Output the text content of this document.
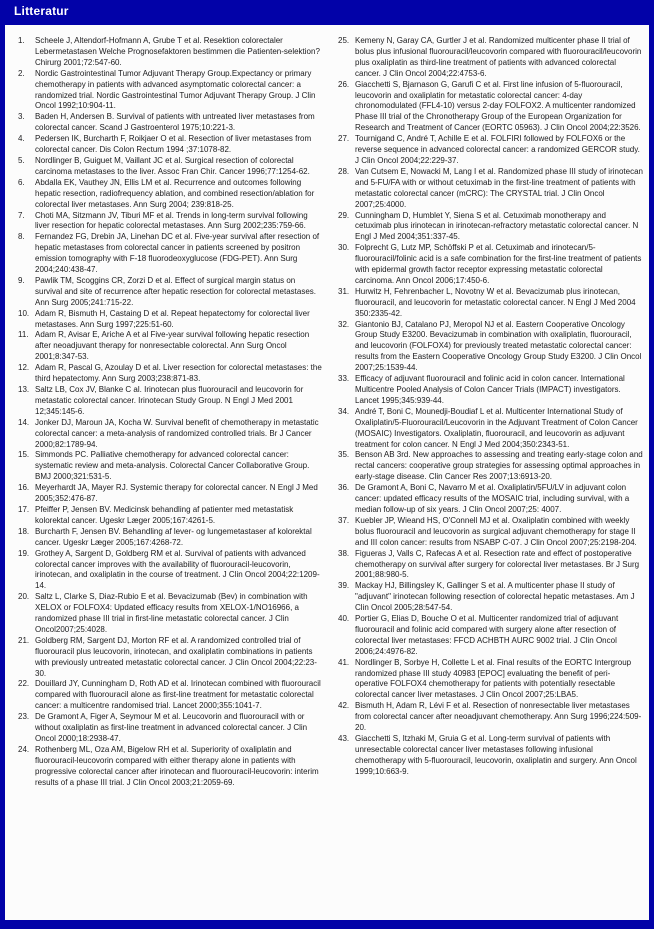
Litteratur
1.	Scheele J, Altendorf-Hofmann A, Grube T et al. Resektion colorectaler Lebermetastasen Welche Prognosefaktoren bestimmen die Patienten-selektion? Chirurg 2001;72:547-60.
2.	Nordic Gastrointestinal Tumor Adjuvant Therapy Group.Expectancy or primary chemotherapy in patients with advanced asymptomatic colorectal cancer: a randomized trial. Nordic Gastrointestinal Tumor Adjuvant Therapy Group. J Clin Oncol 1992;10:904-11.
3.	Baden H, Andersen B. Survival of patients with untreated liver metastases from colorectal cancer. Scand J Gastroenterol 1975;10:221-3.
4.	Pedersen IK, Burcharth F, Roikjaer O et al. Resection of liver metastases from colorectal cancer. Dis Colon Rectum 1994 ;37:1078-82.
5.	Nordlinger B, Guiguet M, Vaillant JC et al. Surgical resection of colorectal carcinoma metastases to the liver. Assoc Fran Chir. Cancer 1996;77:1254-62.
6.	Abdalla EK, Vauthey JN, Ellis LM et al. Recurrence and outcomes following hepatic resection, radiofrequency ablation, and combined resection/ablation for colorectal liver metastases. Ann Surg 2004; 239:818-25.
7.	Choti MA, Sitzmann JV, Tiburi MF et al. Trends in long-term survival following liver resection for hepatic colorectal metastases. Ann Surg 2002;235:759-66.
8.	Fernandez FG, Drebin JA, Linehan DC et al. Five-year survival after resection of hepatic metastases from colorectal cancer in patients screened by positron emission tomography with F-18 fluorodeoxyglucose (FDG-PET). Ann Surg 2004;240:438-47.
9.	Pawlik TM, Scoggins CR, Zorzi D et al. Effect of surgical margin status on survival and site of recurrence after hepatic resection for colorectal metastases. Ann Surg 2005;241:715-22.
10. Adam R, Bismuth H, Castaing D et al. Repeat hepatectomy for colorectal liver metastases. Ann Surg 1997;225:51-60.
11. Adam R, Avisar E, Ariche A et al Five-year survival following hepatic resection after neoadjuvant therapy for nonresectable colorectal. Ann Surg Oncol 2001;8:347-53.
12. Adam R, Pascal G, Azoulay D et al. Liver resection for colorectal metastases: the third hepatectomy. Ann Surg 2003;238:871-83.
13. Saltz LB, Cox JV, Blanke C al. Irinotecan plus fluorouracil and leucovorin for metastatic colorectal cancer. Irinotecan Study Group. N Engl J Med 2001 12;345:145-6.
14. Jonker DJ, Maroun JA, Kocha W. Survival benefit of chemotherapy in metastatic colorectal cancer: a meta-analysis of randomized controlled trials. Br J Cancer 2000;82:1789-94.
15. Simmonds PC. Palliative chemotherapy for advanced colorectal cancer: systematic review and meta-analysis. Colorectal Cancer Collaborative Group. BMJ 2000;321:531-5.
16. Meyerhardt JA, Mayer RJ. Systemic therapy for colorectal cancer. N Engl J Med 2005;352:476-87.
17. Pfeiffer P, Jensen BV. Medicinsk behandling af patienter med metastatisk kolorektal cancer. Ugeskr Læger 2005;167:4261-5.
18. Burcharth F, Jensen BV. Behandling af lever- og lungemetastaser af kolorektal cancer. Ugeskr Læger 2005;167:4268-72.
19. Grothey A, Sargent D, Goldberg RM et al. Survival of patients with advanced colorectal cancer improves with the availability of fluorouracil-leucovorin, irinotecan, and oxaliplatin in the course of treatment. J Clin Oncol 2004;22:1209-14.
20. Saltz L, Clarke S, Diaz-Rubio E et al. Bevacizumab (Bev) in combination with XELOX or FOLFOX4: Updated efficacy results from XELOX-1/NO16966, a randomized phase III trial in first-line metastatic colorectal cancer. J Clin Oncol2007;25:4028.
21. Goldberg RM, Sargent DJ, Morton RF et al. A randomized controlled trial of fluorouracil plus leucovorin, irinotecan, and oxaliplatin combinations in patients with previously untreated metastatic colorectal cancer. J Clin Oncol 2004;22:23-30.
22. Douillard JY, Cunningham D, Roth AD et al. Irinotecan combined with fluorouracil compared with fluorouracil alone as first-line treatment for metastatic colorectal cancer: a multicentre randomised trial. Lancet 2000;355:1041-7.
23. De Gramont A, Figer A, Seymour M et al. Leucovorin and fluorouracil with or without oxaliplatin as first-line treatment in advanced colorectal cancer. J Clin Oncol 2000;18:2938-47.
24. Rothenberg ML, Oza AM, Bigelow RH et al. Superiority of oxaliplatin and fluorouracil-leucovorin compared with either therapy alone in patients with progressive colorectal cancer after irinotecan and fluorouracil-leucovorin: interim results of a phase III trial. J Clin Oncol 2003;21:2059-69.
25. Kemeny N, Garay CA, Gurtler J et al. Randomized multicenter phase II trial of bolus plus infusional fluorouracil/leucovorin compared with fluorouracil/leucovorin plus oxaliplatin as third-line treatment of patients with advanced colorectal cancer. J Clin Oncol 2004;22:4753-6.
26. Giacchetti S, Bjarnason G, Garufi C et al. First line infusion of 5-fluorouracil, leucovorin and oxaliplatin for metastatic colorectal cancer: 4-day chronomodulated (FFL4-10) versus 2-day FOLFOX2. A multicenter randomized Phase III trial of the Chronotherapy Group of the European Organization for Research and Treatment of Cancer (EORTC 05963). J Clin Oncol 2004;22:3526.
27. Tournigand C, André T, Achille E et al. FOLFIRI followed by FOLFOX6 or the reverse sequence in advanced colorectal cancer: a randomized GERCOR study. J Clin Oncol 2004;22:229-37.
28. Van Cutsem E, Nowacki M, Lang I et al. Randomized phase III study of irinotecan and 5-FU/FA with or without cetuximab in the first-line treatment of patients with metastatic colorectal cancer (mCRC): The CRYSTAL trial. J Clin Oncol 2007;25:4000.
29. Cunningham D, Humblet Y, Siena S et al. Cetuximab monotherapy and cetuximab plus irinotecan in irinotecan-refractory metastatic colorectal cancer. N Engl J Med 2004;351:337-45.
30. Folprecht G, Lutz MP, Schöffski P et al. Cetuximab and irinotecan/5-fluorouracil/folinic acid is a safe combination for the first-line treatment of patients with epidermal growth factor receptor expressing metastatic colorectal carcinoma. Ann Oncol 2006;17:450-6.
31. Hurwitz H, Fehrenbacher L, Novotny W et al. Bevacizumab plus irinotecan, fluorouracil, and leucovorin for metastatic colorectal cancer. N Engl J Med 2004 350:2335-42.
32. Giantonio BJ, Catalano PJ, Meropol NJ et al. Eastern Cooperative Oncology Group Study E3200. Bevacizumab in combination with oxaliplatin, fluorouracil, and leucovorin (FOLFOX4) for previously treated metastatic colorectal cancer: results from the Eastern Cooperative Oncology Group Study E3200. J Clin Oncol 2007;25:1539-44.
33. Efficacy of adjuvant fluorouracil and folinic acid in colon cancer. International Multicentre Pooled Analysis of Colon Cancer Trials (IMPACT) investigators. Lancet 1995;345:939-44.
34. André T, Boni C, Mounedji-Boudiaf L et al. Multicenter International Study of Oxaliplatin/5-Fluorouracil/Leucovorin in the Adjuvant Treatment of Colon Cancer (MOSAIC) Investigators. Oxaliplatin, fluorouracil, and leucovorin as adjuvant treatment for colon cancer. N Engl J Med 2004;350:2343-51.
35. Benson AB 3rd. New approaches to assessing and treating early-stage colon and rectal cancers: cooperative group strategies for assessing optimal approaches in early-stage disease. Clin Cancer Res 2007;13:6913-20.
36. De Gramont A, Boni C, Navarro M et al. Oxaliplatin/5FU/LV in adjuvant colon cancer: updated efficacy results of the MOSAIC trial, including survival, with a median follow-up of six years. J Clin Oncol 2007;25: 4007.
37. Kuebler JP, Wieand HS, O'Connell MJ et al. Oxaliplatin combined with weekly bolus fluorouracil and leucovorin as surgical adjuvant chemotherapy for stage II and III colon cancer: results from NSABP C-07. J Clin Oncol 2007;25:2198-204.
38. Figueras J, Valls C, Rafecas A et al. Resection rate and effect of postoperative chemotherapy on survival after surgery for colorectal liver metastases. Br J Surg 2001;88:980-5.
39. Mackay HJ, Billingsley K, Gallinger S et al. A multicenter phase II study of "adjuvant" irinotecan following resection of colorectal hepatic metastases. Am J Clin Oncol 2005;28:547-54.
40. Portier G, Elias D, Bouche O et al. Multicenter randomized trial of adjuvant fluorouracil and folinic acid compared with surgery alone after resection of colorectal liver metastases: FFCD ACHBTH AURC 9002 trial. J Clin Oncol 2006;24:4976-82.
41. Nordlinger B, Sorbye H, Collette L et al. Final results of the EORTC Intergroup randomized phase III study 40983 [EPOC] evaluating the benefit of peri-operative FOLFOX4 chemotherapy for patients with potentially resectable colorectal cancer liver metastases. J Clin Oncol 2007;25:LBA5.
42. Bismuth H, Adam R, Lévi F et al. Resection of nonresectable liver metastases from colorectal cancer after neoadjuvant chemotherapy. Ann Surg 1996;224:509-20.
43. Giacchetti S, Itzhaki M, Gruia G et al. Long-term survival of patients with unresectable colorectal cancer liver metastases following infusional chemotherapy with 5-fluorouracil, leucovorin, oxaliplatin and surgery. Ann Oncol 1999;10:663-9.
